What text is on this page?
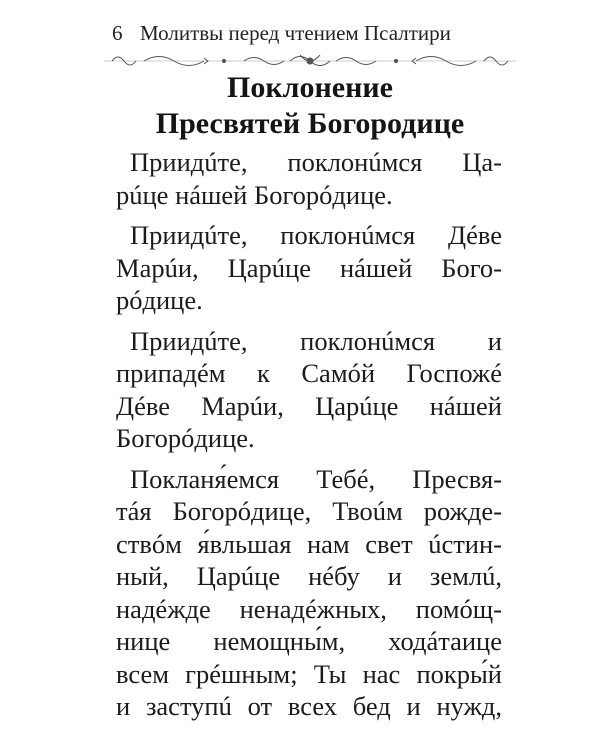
6 Молитвы перед чтением Псалтири
Поклонение
Пресвятей Богородице

Приидúте, поклонúмся Ца-
рúце нáшей Богорóдице.

Приидúте, поклонúмся Дéве
Марúи, Царúце нáшей Бого-
рóдице.

Приидúте, поклонúмся и
припадéм к Самóй Госпожé
Дéве Марúи, Царúце нáшей
Богорóдице.

Покланя́емся Тебé, Пресвя-
тáя Богорóдице, Твоúм рожде-
ствóм я́вльшая нам свет úстин-
ный, Царúце нéбу и землú,
надéжде ненадéжных, помóщ-
нице немощны́м, ходáтаице
всем грéшным; Ты нас покры́й
и заступú от всех бед и нужд,
